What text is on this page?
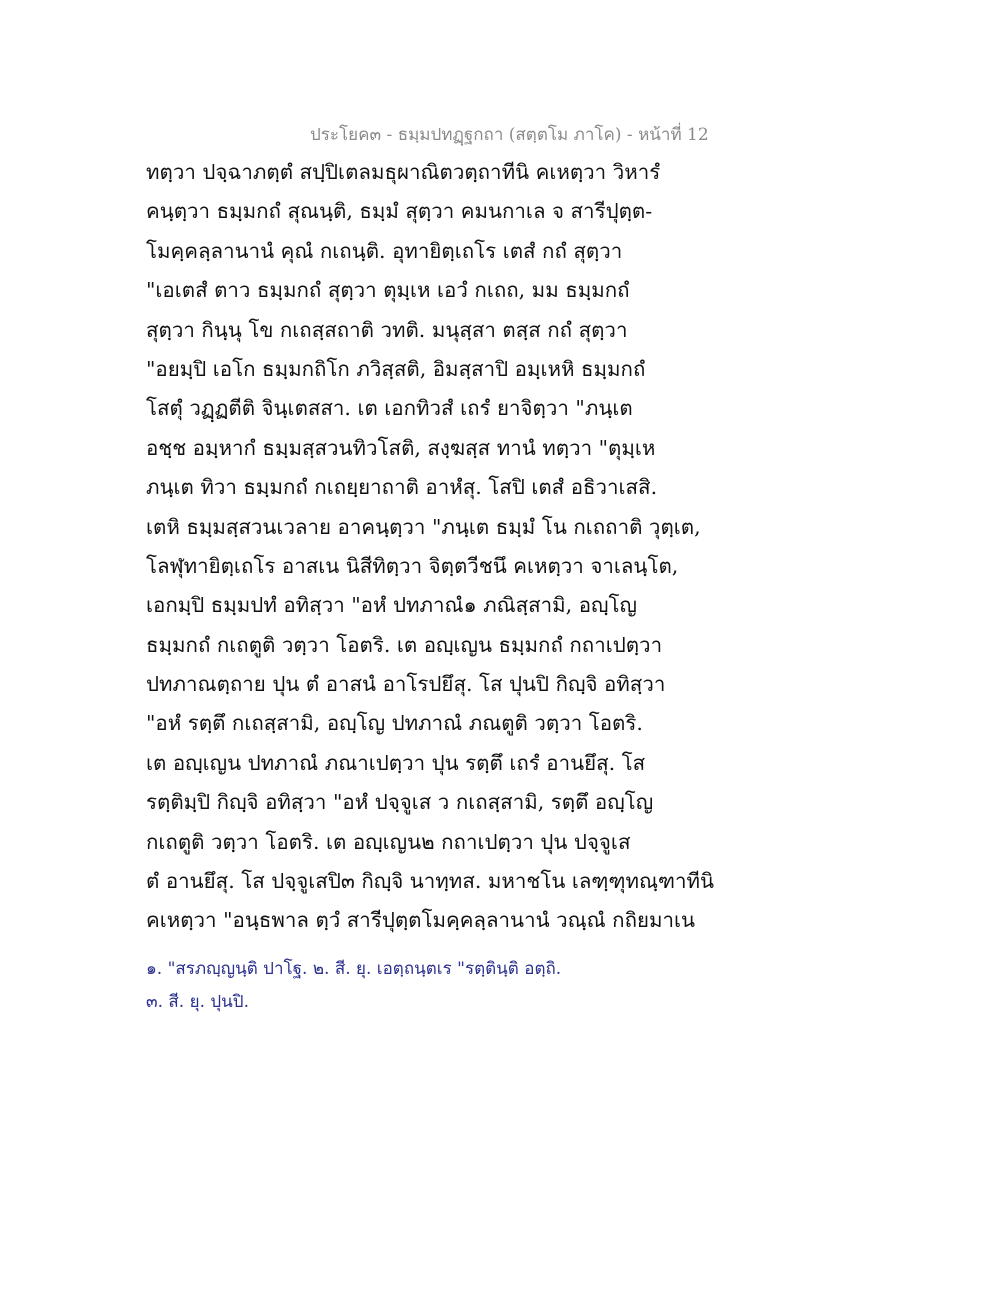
ประโยค๓ - ธมฺมปทฏฺฐกถา (สตฺตโม ภาโค) - หน้าที่ 12
ทตฺวา ปจฺฉาภตฺตํ สปฺปิเตลมธุผาณิตวตฺถาทีนิ คเหตฺวา วิหารํ
คนฺตฺวา ธมฺมกถํ สุณนฺติ, ธมฺมํ สุตฺวา คมนกาเล จ สารีปุตฺต-
โมคฺคลฺลานานํ คุณํ กเถนฺติ. อุทายิตฺเถโร เตสํ กถํ สุตฺวา
"เอเตสํ ตาว ธมฺมกถํ สุตฺวา ตุมฺเห เอวํ กเถถ, มม ธมฺมกถํ
สุตฺวา กินฺนุ โข กเถสฺสถาติ วทติ. มนุสฺสา ตสฺส กถํ สุตฺวา
"อยมฺปิ เอโก ธมฺมกถิโก ภวิสฺสติ, อิมสฺสาปิ อมฺเหหิ ธมฺมกถํ
โสตุํ วฏฺฏตีติ จินฺเตสสา. เต เอกทิวสํ เถรํ ยาจิตฺวา "ภนฺเต
อชฺช อมฺหากํ ธมฺมสฺสวนทิวโสติ, สงฺฆสฺส ทานํ ทตฺวา "ตุมฺเห
ภนฺเต ทิวา ธมฺมกถํ กเถยฺยาถาติ อาหํสุ. โสปิ เตสํ อธิวาเสสิ.
เตหิ ธมฺมสฺสวนเวลาย อาคนฺตฺวา "ภนฺเต ธมฺมํ โน กเถถาติ วุตฺเต,
โลฬุทายิตฺเถโร อาสเน นิสีทิตฺวา จิตฺตวีชนึ คเหตฺวา จาเลนฺโต,
เอกมฺปิ ธมฺมปทํ อทิสฺวา "อหํ ปทภาณํ๑ ภณิสฺสามิ, อญฺโญ
ธมฺมกถํ กเถตูติ วตฺวา โอตริ. เต อญฺเญน ธมฺมกถํ กถาเปตฺวา
ปทภาณตฺถาย ปุน ตํ อาสนํ อาโรปยึสุ. โส ปุนปิ กิญฺจิ อทิสฺวา
"อหํ รตฺตึ กเถสฺสามิ, อญฺโญ ปทภาณํ ภณตูติ วตฺวา โอตริ.
เต อญฺเญน ปทภาณํ ภณาเปตฺวา ปุน รตฺตึ เถรํ อานยึสุ. โส
รตฺติมฺปิ กิญฺจิ อทิสฺวา "อหํ ปจฺจูเส ว กเถสฺสามิ, รตฺตึ อญฺโญ
กเถตูติ วตฺวา โอตริ. เต อญฺเญน๒ กถาเปตฺวา ปุน ปจฺจูเส
ตํ อานยึสุ. โส ปจฺจูเสปิ๓ กิญฺจิ นาทฺทส. มหาชโน เลฑฺฑุทณฺฑาทีนิ
คเหตฺวา "อนฺธพาล ตฺวํ สารีปุตฺตโมคฺคลฺลานานํ วณฺณํ กถิยมาเน
๑. "สรภญฺญนฺติ ปาโฐ. ๒. สี. ยุ. เอตฺถนฺตเร "รตฺตินฺติ อตฺถิ.
๓. สี. ยุ. ปุนปิ.
